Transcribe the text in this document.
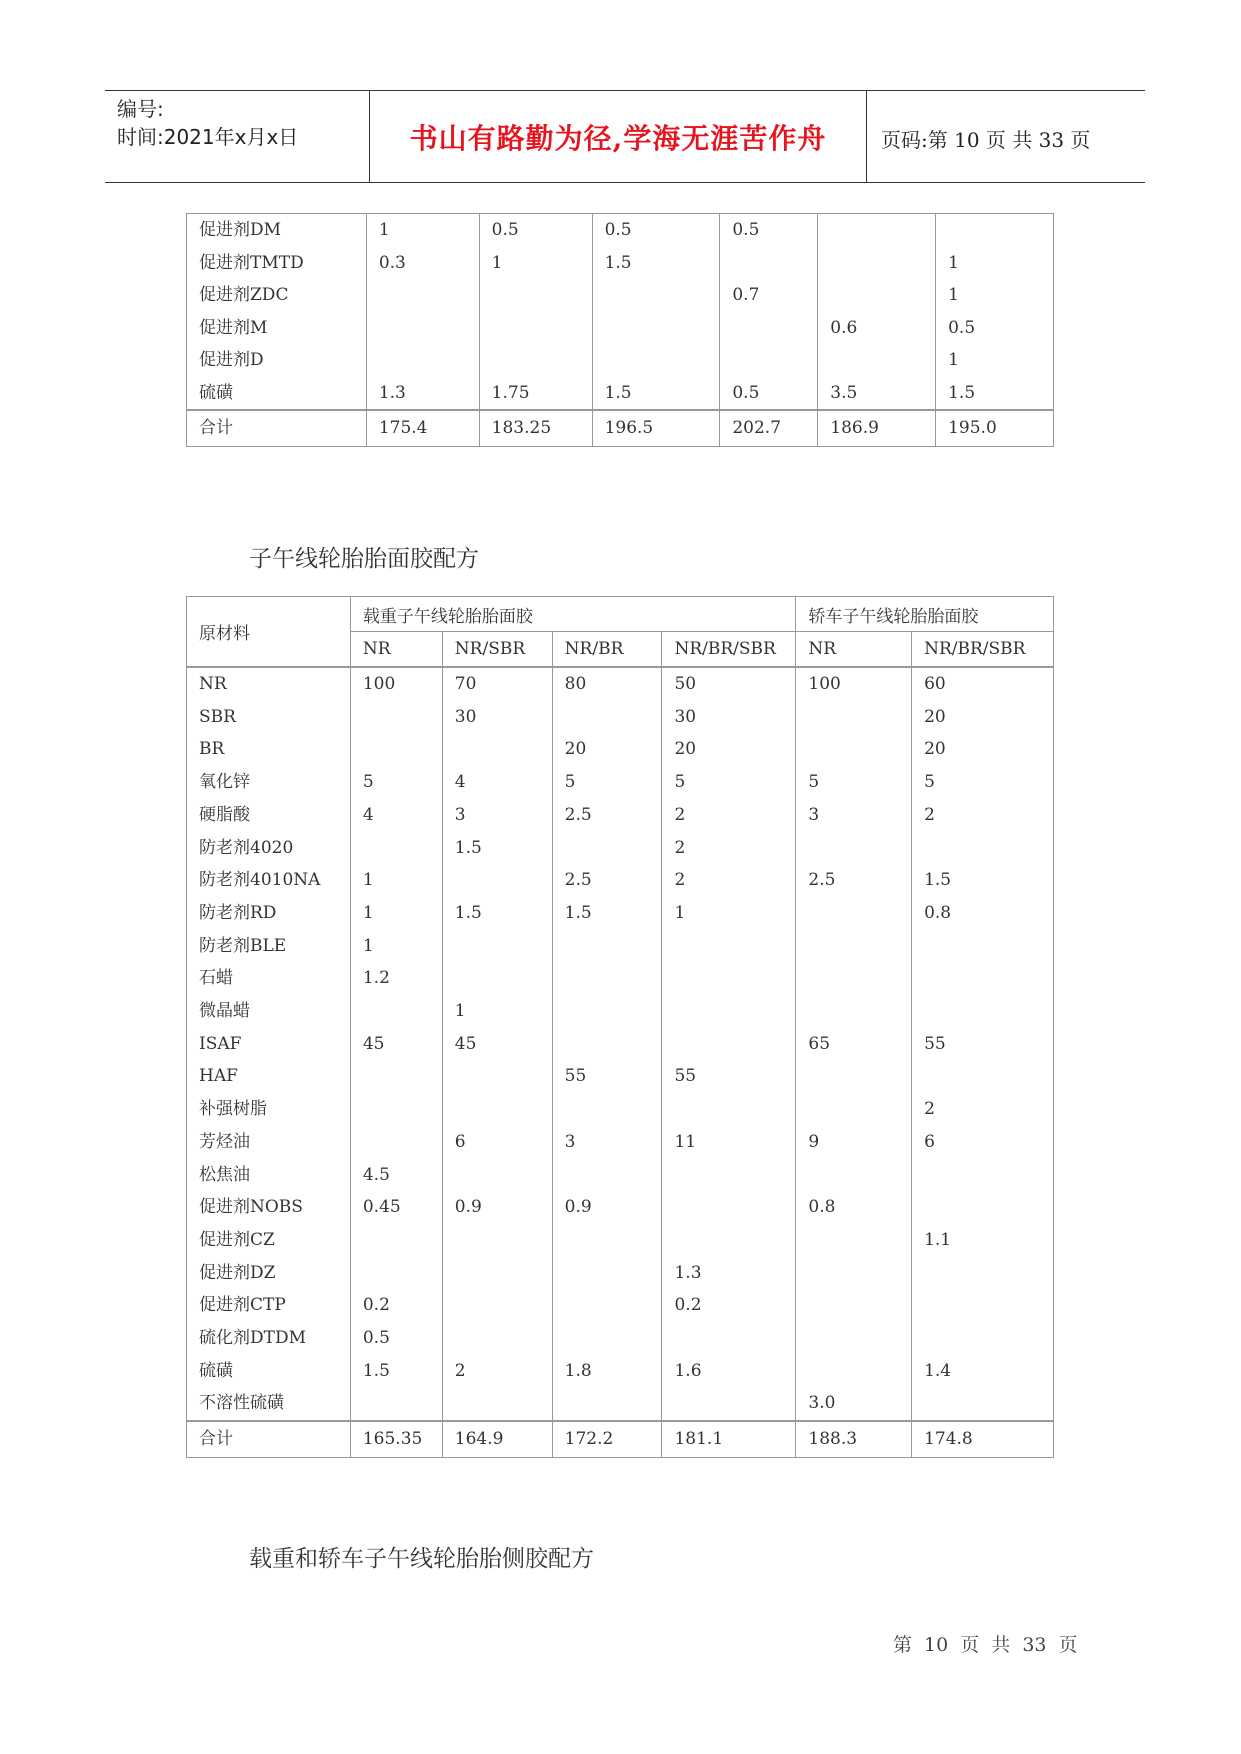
编号:
时间:2021年x月x日	书山有路勤为径,学海无涯苦作舟	页码:第 10 页 共 33 页
促进剂DM	1	0.5	0.5	0.5		
促进剂TMTD	0.3	1	1.5			1
促进剂ZDC				0.7		1
促进剂M					0.6	0.5
促进剂D						1
硫磺	1.3	1.75	1.5	0.5	3.5	1.5
合计	175.4	183.25	196.5	202.7	186.9	195.0
子午线轮胎胎面胶配方
原材料	载重子午线轮胎胎面胶				轿车子午线轮胎胎面胶	
	NR	NR/SBR	NR/BR	NR/BR/SBR	NR	NR/BR/SBR
NR	100	70	80	50	100	60
SBR		30		30		20
BR			20	20		20
氧化锌	5	4	5	5	5	5
硬脂酸	4	3	2.5	2	3	2
防老剂4020		1.5		2		
防老剂4010NA	1		2.5	2	2.5	1.5
防老剂RD	1	1.5	1.5	1		0.8
防老剂BLE	1					
石蜡	1.2					
微晶蜡		1				
ISAF	45	45			65	55
HAF			55	55		
补强树脂						2
芳烃油		6	3	11	9	6
松焦油	4.5					
促进剂NOBS	0.45	0.9	0.9		0.8	
促进剂CZ						1.1
促进剂DZ				1.3		
促进剂CTP	0.2			0.2		
硫化剂DTDM	0.5					
硫磺	1.5	2	1.8	1.6		1.4
不溶性硫磺					3.0	
合计	165.35	164.9	172.2	181.1	188.3	174.8
载重和轿车子午线轮胎胎侧胶配方
第 10 页 共 33 页
